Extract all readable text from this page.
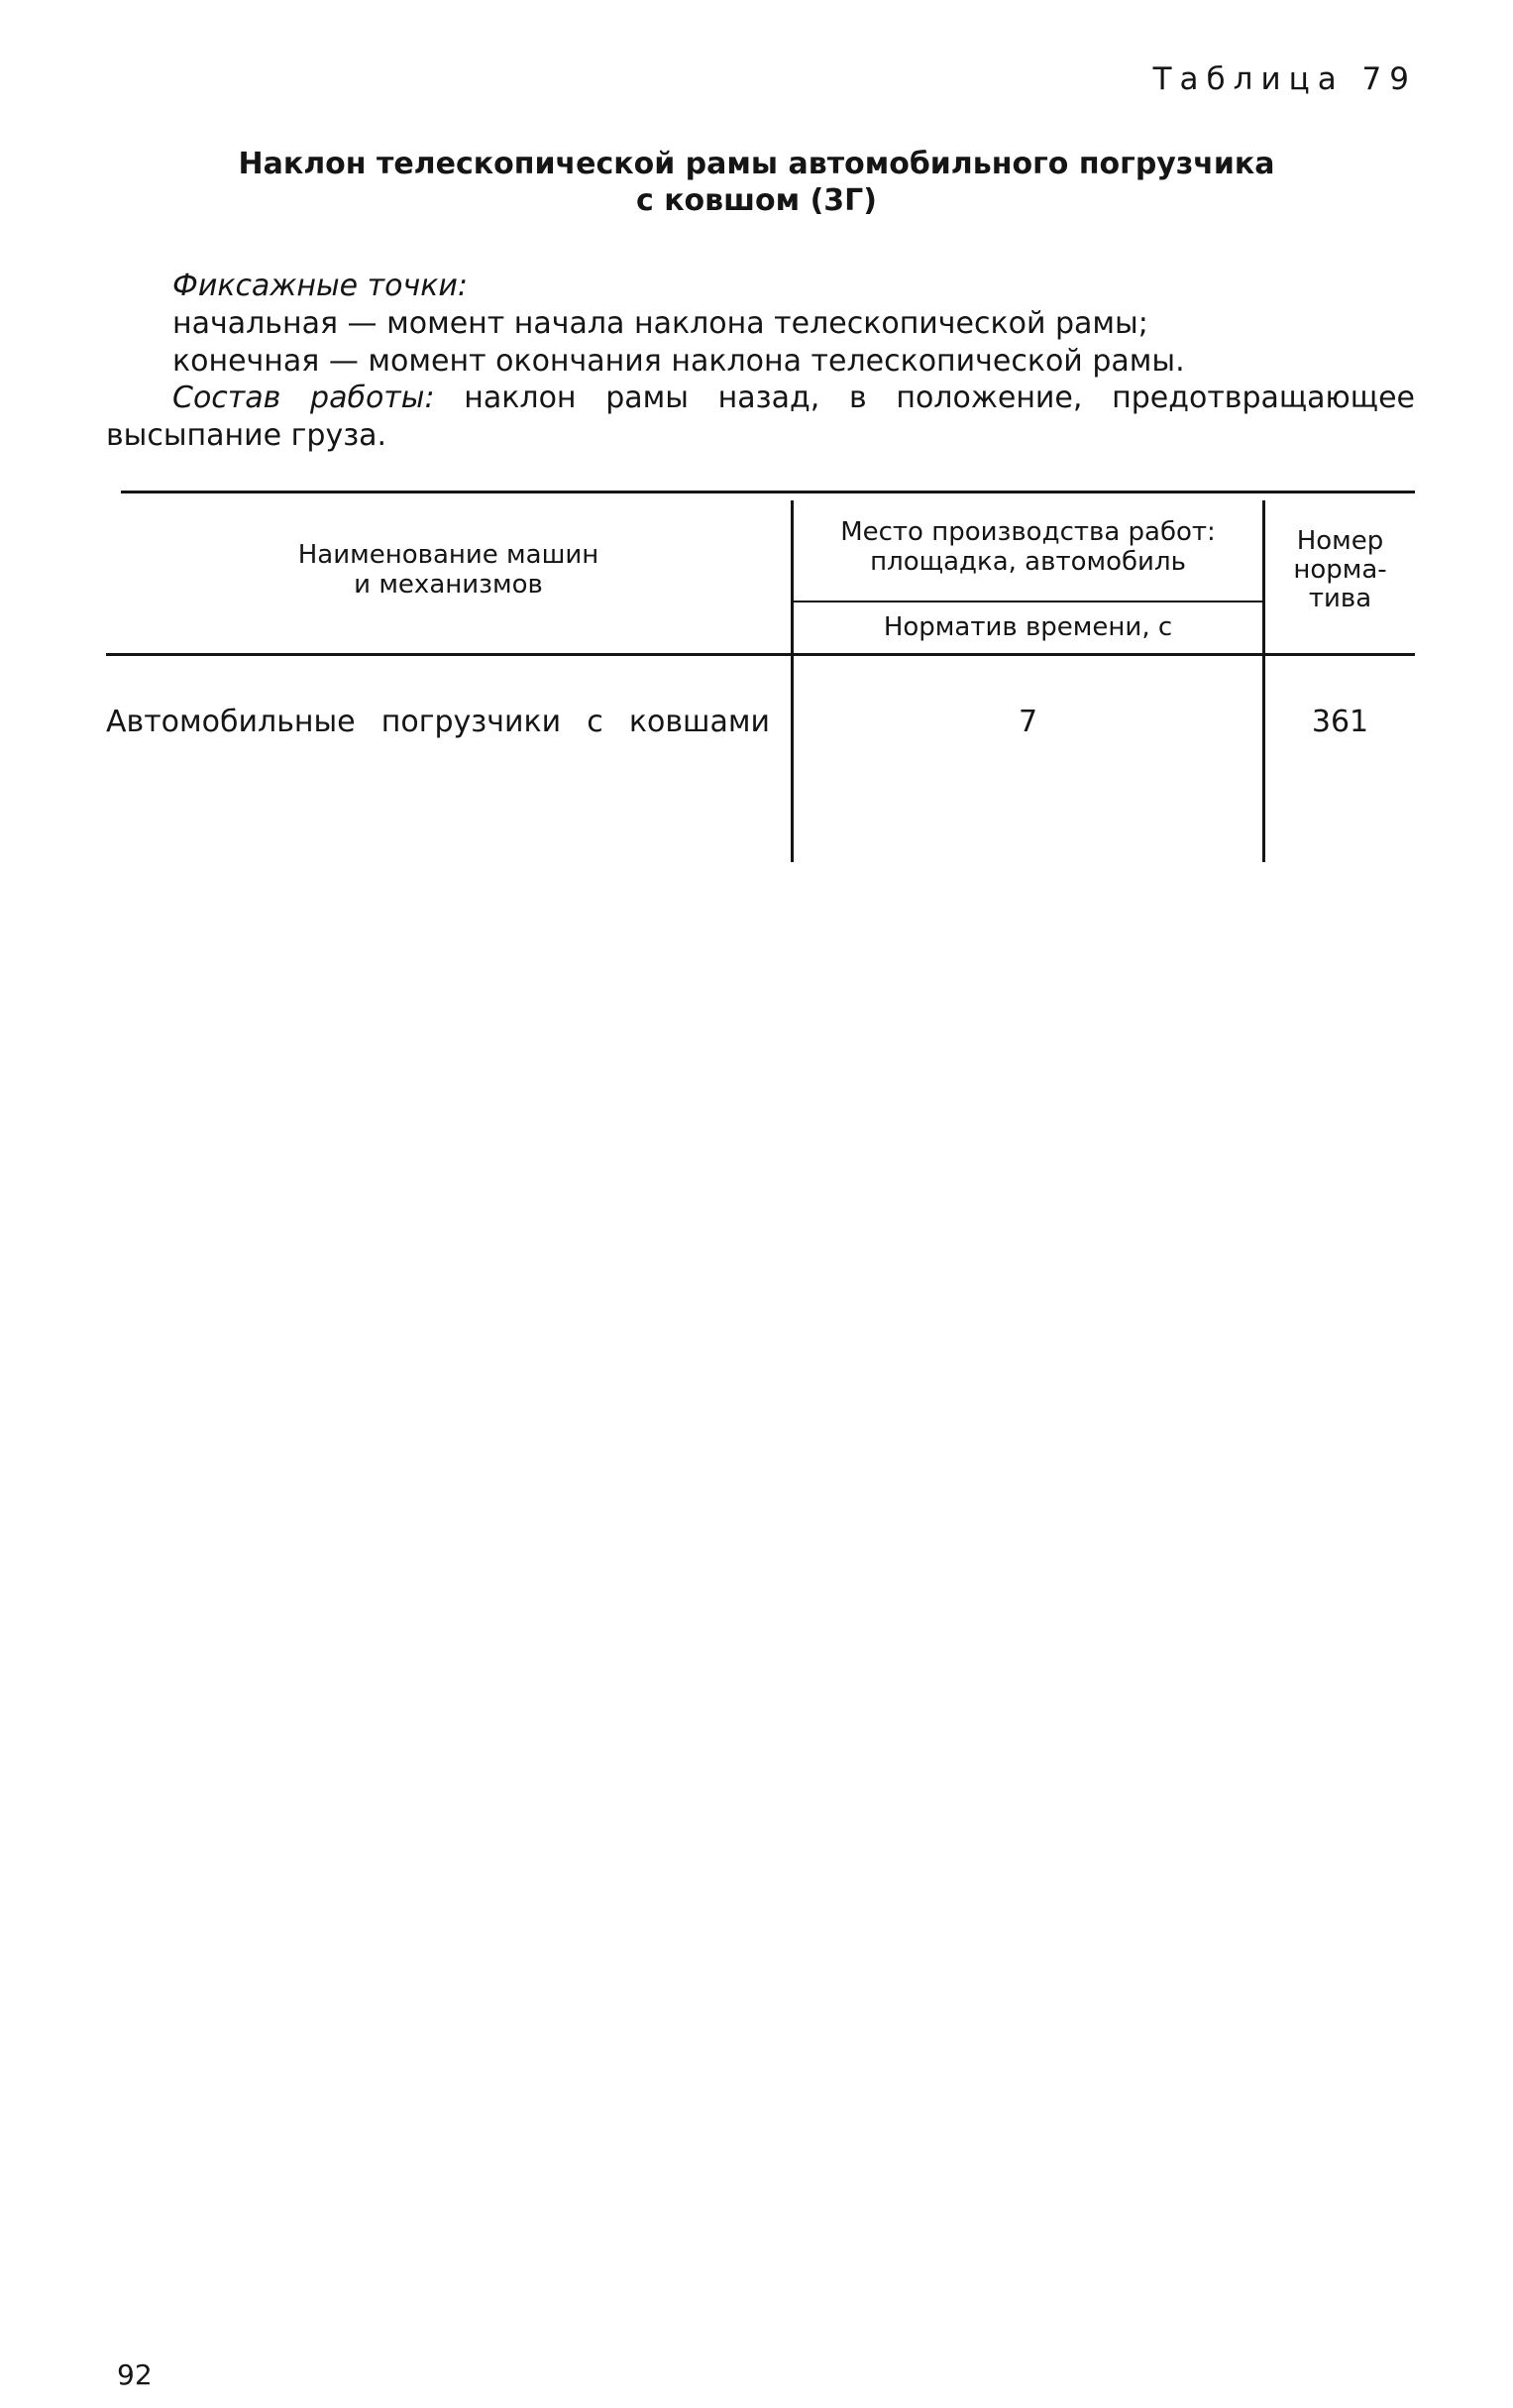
Таблица 79
Наклон телескопической рамы автомобильного погрузчика
с ковшом (3Г)
Фиксажные точки:
начальная — момент начала наклона телескопической рамы;
конечная — момент окончания наклона телескопической рамы.
Состав работы: наклон рамы назад, в положение, предотвращающее
высыпание груза.
Наименование машин
и механизмов
Место производства работ:
площадка, автомобиль
Норматив времени, с
Номер
норма-
тива
Автомобильные погрузчики с ковшами	7	361
92
